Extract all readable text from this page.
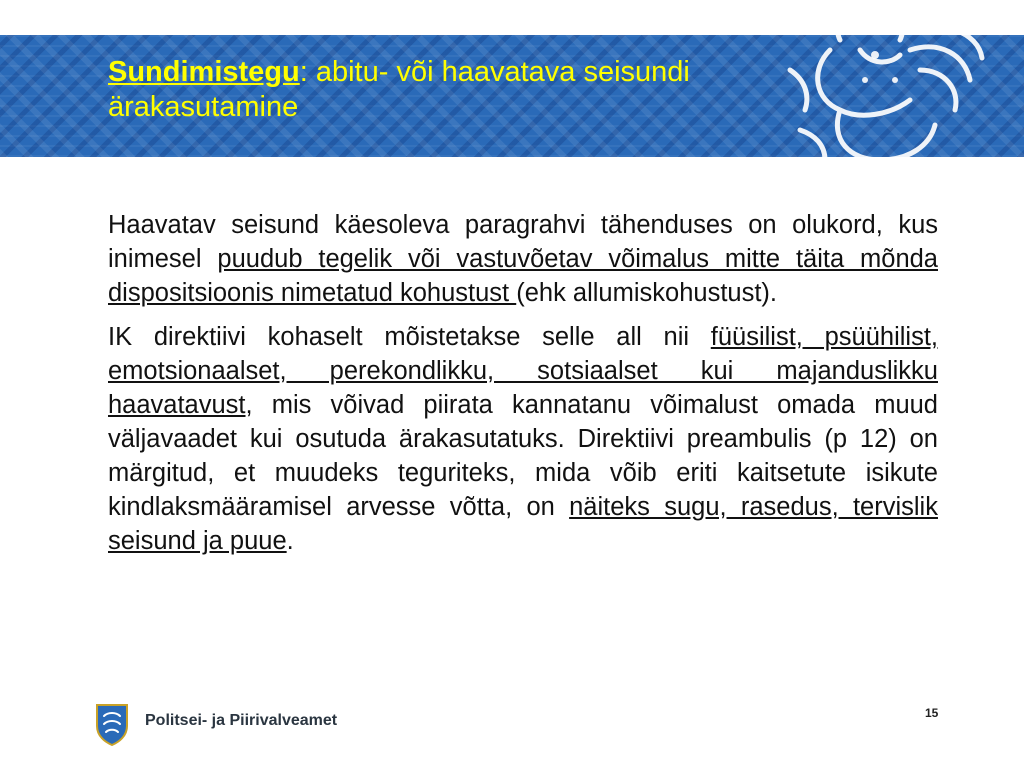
Sundimistegu: abitu- või haavatava seisundi
ärakasutamine

Haavatav seisund käesoleva paragrahvi tähenduses on olukord, kus inimesel puudub tegelik või vastuvõetav võimalus mitte täita mõnda dispositsioonis nimetatud kohustust (ehk allumiskohustust).

IK direktiivi kohaselt mõistetakse selle all nii füüsilist, psüühilist, emotsionaalset, perekondlikku, sotsiaalset kui majanduslikku haavatavust, mis võivad piirata kannatanu võimalust omada muud väljavaadet kui osutuda ärakasutatuks. Direktiivi preambulis (p 12) on märgitud, et muudeks teguriteks, mida võib eriti kaitsetute isikute kindlaksmääramisel arvesse võtta, on näiteks sugu, rasedus, tervislik seisund ja puue.

Politsei- ja Piirivalveamet	15
